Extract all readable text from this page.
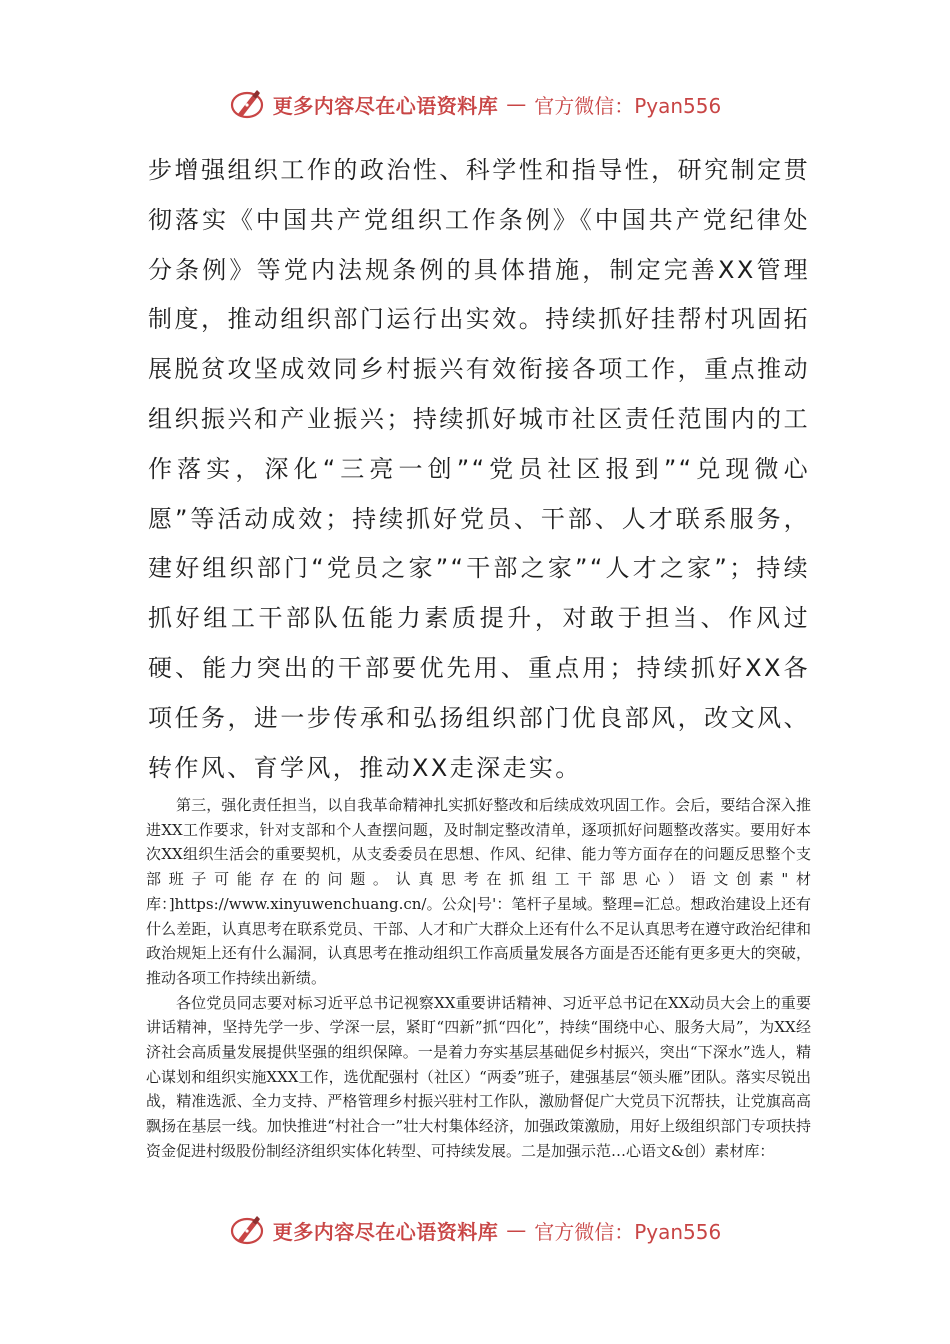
更多内容尽在心语资料库 — 官方微信：Pyan556

步增强组织工作的政治性、科学性和指导性，研究制定贯彻落实《中国共产党组织工作条例》《中国共产党纪律处分条例》等党内法规条例的具体措施，制定完善XX管理制度，推动组织部门运行出实效。持续抓好挂帮村巩固拓展脱贫攻坚成效同乡村振兴有效衔接各项工作，重点推动组织振兴和产业振兴；持续抓好城市社区责任范围内的工作落实，深化“三亮一创”“党员社区报到”“兑现微心愿”等活动成效；持续抓好党员、干部、人才联系服务，建好组织部门“党员之家”“干部之家”“人才之家”；持续抓好组工干部队伍能力素质提升，对敢于担当、作风过硬、能力突出的干部要优先用、重点用；持续抓好XX各项任务，进一步传承和弘扬组织部门优良部风，改文风、转作风、育学风，推动XX走深走实。

第三，强化责任担当，以自我革命精神扎实抓好整改和后续成效巩固工作。会后，要结合深入推进XX工作要求，针对支部和个人查摆问题，及时制定整改清单，逐项抓好问题整改落实。要用好本次XX组织生活会的重要契机，从支委委员在思想、作风、纪律、能力等方面存在的问题反思整个支部班子可能存在的问题。认真思考在抓组工干部思心）语文创素"材库：]https://www.xinyuwenchuang.cn/。公众|号'：笔杆子星域。整理=汇总。想政治建设上还有什么差距，认真思考在联系党员、干部、人才和广大群众上还有什么不足认真思考在遵守政治纪律和政治规矩上还有什么漏洞，认真思考在推动组织工作高质量发展各方面是否还能有更多更大的突破，推动各项工作持续出新绩。

各位党员同志要对标习近平总书记视察XX重要讲话精神、习近平总书记在XX动员大会上的重要讲话精神，坚持先学一步、学深一层，紧盯“四新”抓“四化”，持续“围绕中心、服务大局”，为XX经济社会高质量发展提供坚强的组织保障。一是着力夯实基层基础促乡村振兴，突出“下深水”选人，精心谋划和组织实施XXX工作，选优配强村（社区）“两委”班子，建强基层“领头雁”团队。落实尽锐出战，精准选派、全力支持、严格管理乡村振兴驻村工作队，激励督促广大党员下沉帮扶，让党旗高高飘扬在基层一线。加快推进“村社合一”壮大村集体经济，加强政策激励，用好上级组织部门专项扶持资金促进村级股份制经济组织实体化转型、可持续发展。二是加强示范…心语文&创）素材库：

更多内容尽在心语资料库 — 官方微信：Pyan556
